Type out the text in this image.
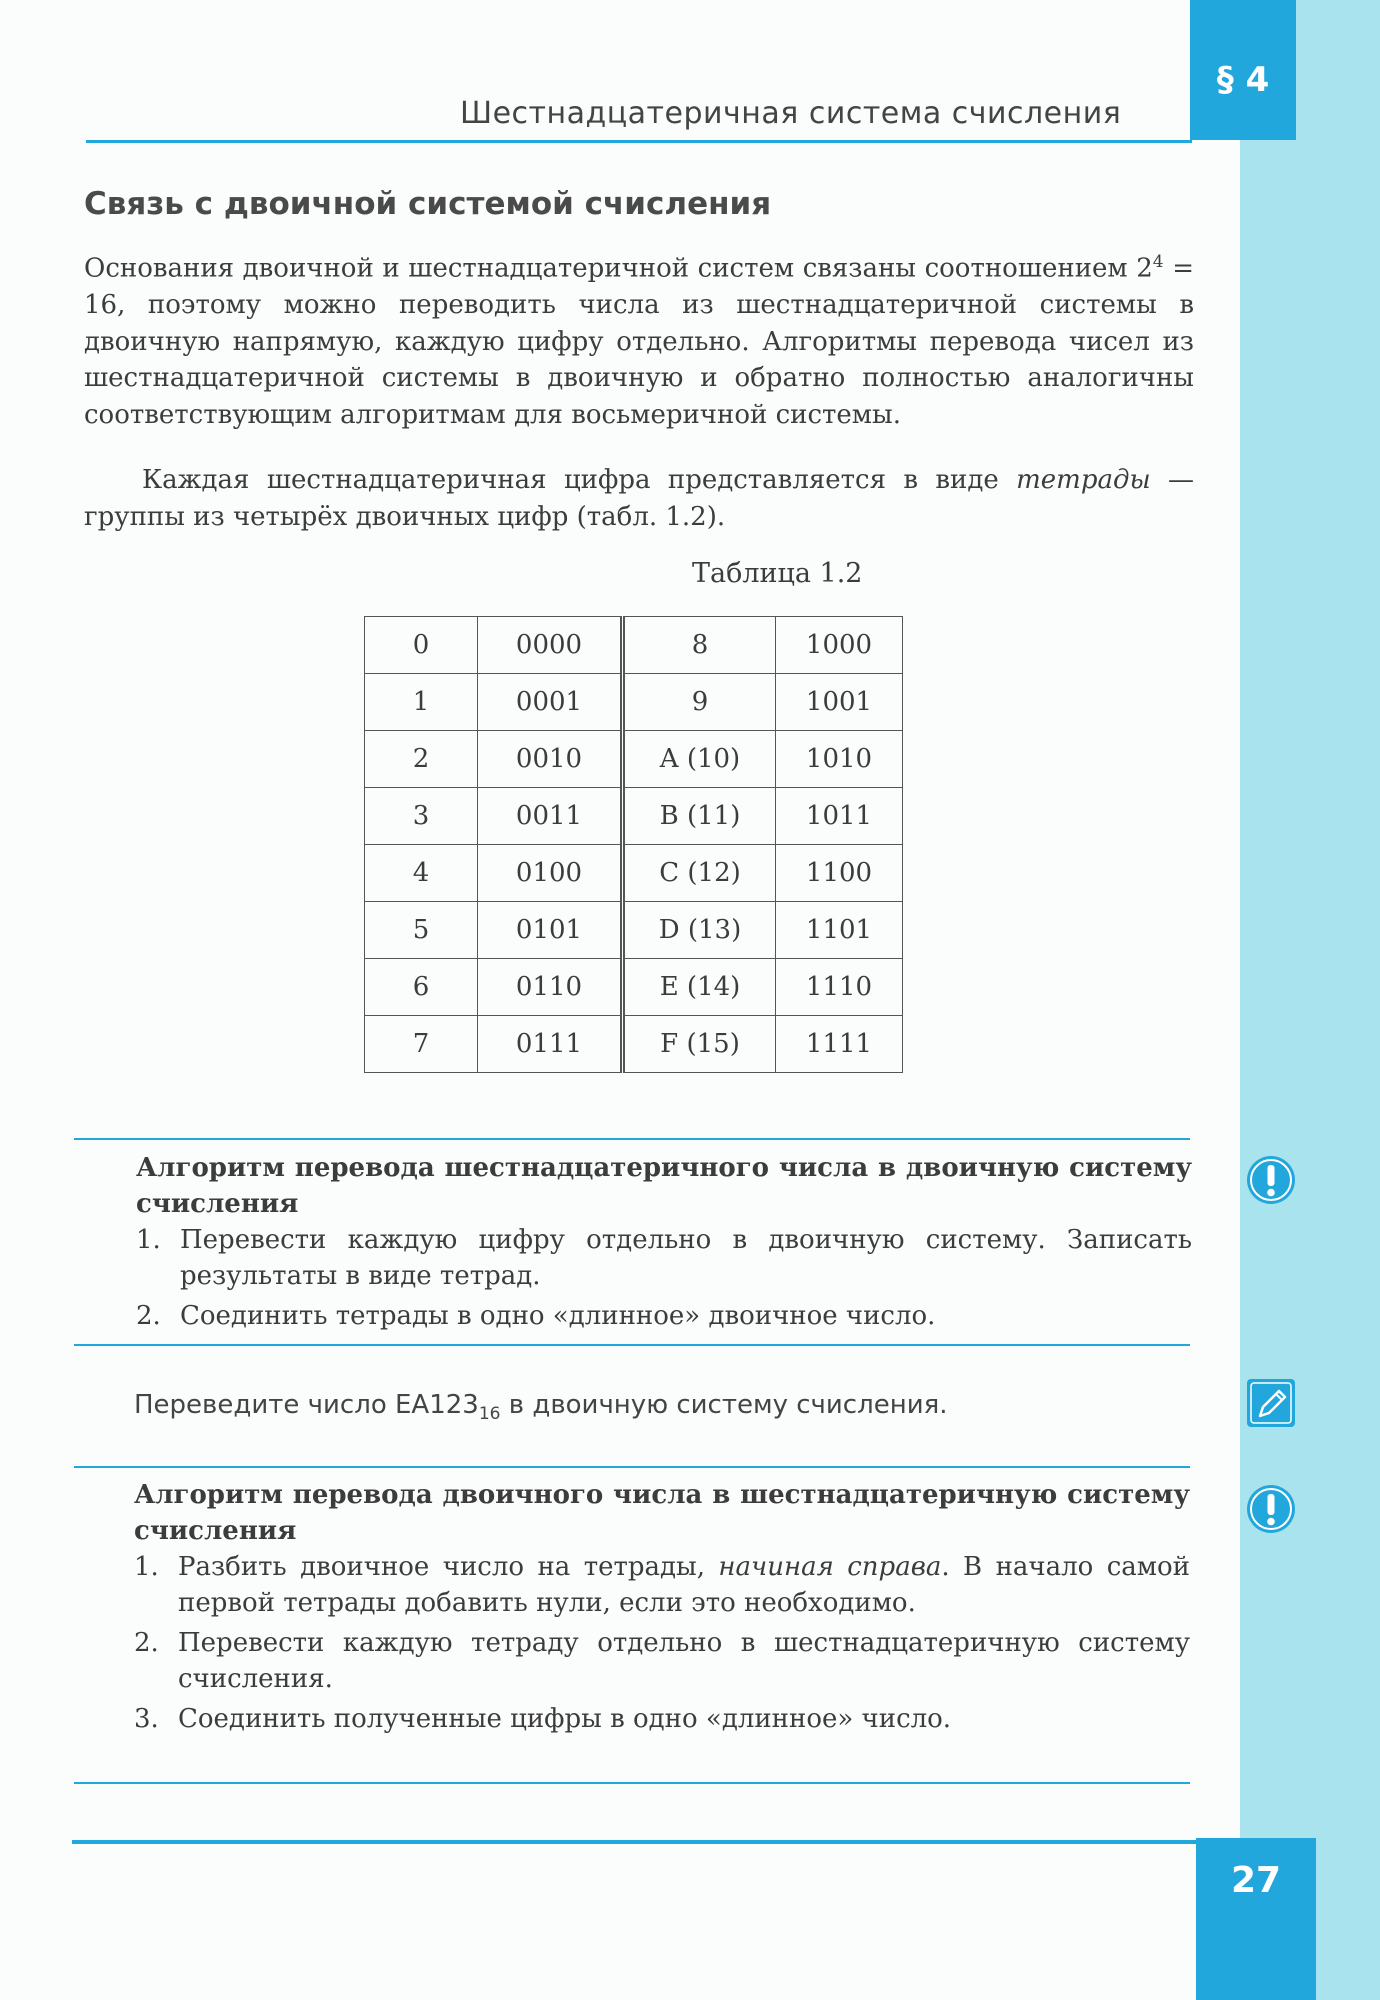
§ 4
Шестнадцатеричная система счисления
Связь с двоичной системой счисления

Основания двоичной и шестнадцатеричной систем связаны соотношением $2^4 = 16$, поэтому можно переводить числа из шестнадцатеричной системы в двоичную напрямую, каждую цифру отдельно. Алгоритмы перевода чисел из шестнадцатеричной системы в двоичную и обратно полностью аналогичны соответствующим алгоритмам для восьмеричной системы.

Каждая шестнадцатеричная цифра представляется в виде тетрады — группы из четырёх двоичных цифр (табл. 1.2).

Таблица 1.2
0	0000	8	1000
1	0001	9	1001
2	0010	A (10)	1010
3	0011	B (11)	1011
4	0100	C (12)	1100
5	0101	D (13)	1101
6	0110	E (14)	1110
7	0111	F (15)	1111
Алгоритм перевода шестнадцатеричного числа в двоичную систему счисления
1. Перевести каждую цифру отдельно в двоичную систему. Записать результаты в виде тетрад.
2. Соединить тетрады в одно «длинное» двоичное число.
Переведите число $EA123_{16}$ в двоичную систему счисления.
Алгоритм перевода двоичного числа в шестнадцатеричную систему счисления
1. Разбить двоичное число на тетрады, начиная справа. В начало самой первой тетрады добавить нули, если это необходимо.
2. Перевести каждую тетраду отдельно в шестнадцатеричную систему счисления.
3. Соединить полученные цифры в одно «длинное» число.
27
